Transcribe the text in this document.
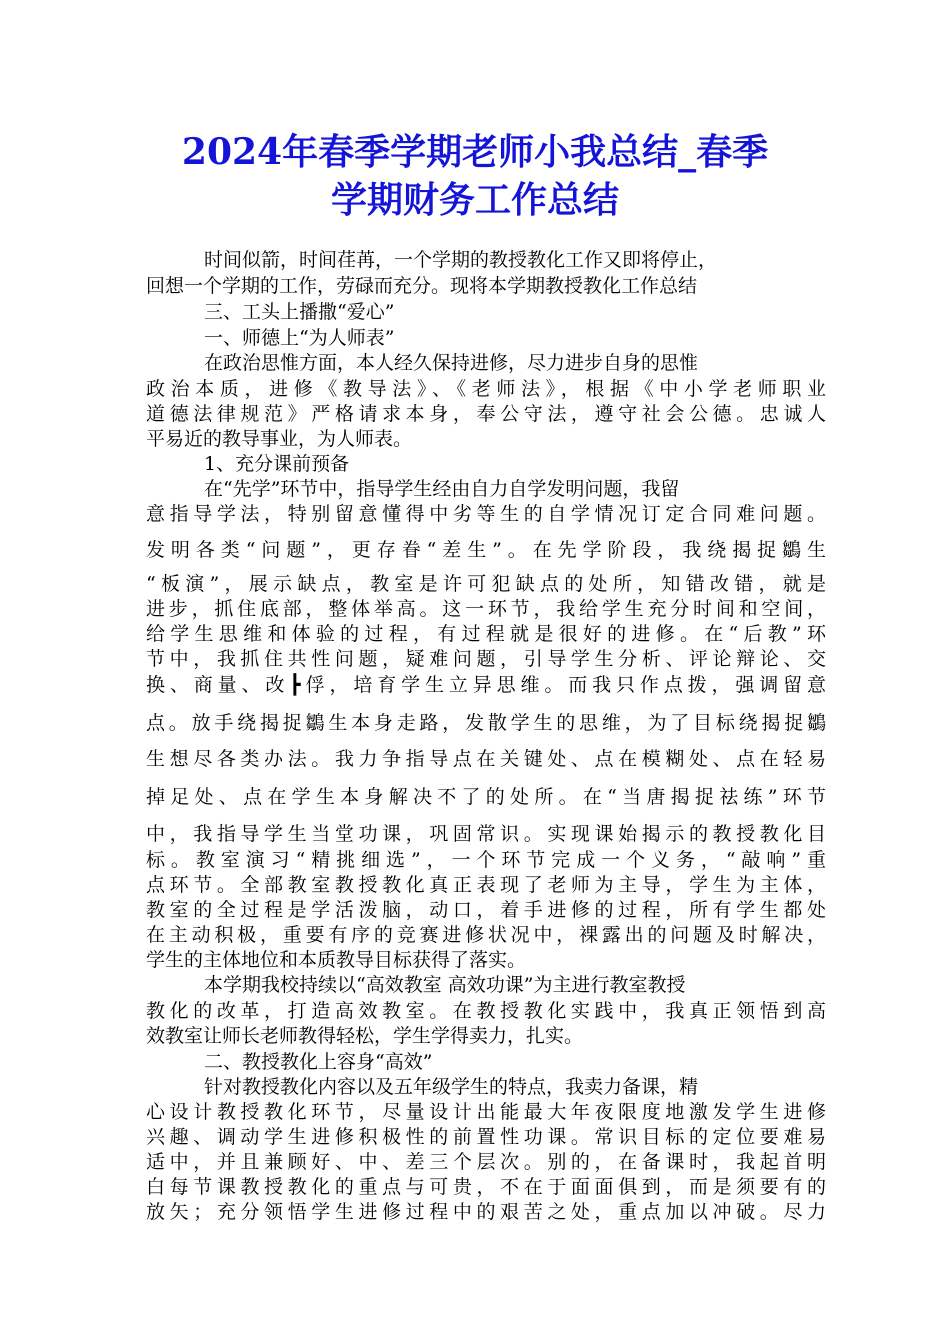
2024年春季学期老师小我总结_春季
学期财务工作总结
时间似箭，时间荏苒，一个学期的教授教化工作又即将停止，
回想一个学期的工作，劳碌而充分。现将本学期教授教化工作总结
三、工头上播撒“爱心”
一、师德上“为人师表”
在政治思惟方面，本人经久保持进修，尽力进步自身的思惟
政治本质，进修《教导法》、《老师法》，根据《中小学老师职业
道德法律规范》严格请求本身，奉公守法，遵守社会公德。忠诚人
平易近的教导事业，为人师表。
1、充分课前预备
在“先学”环节中，指导学生经由自力自学发明问题，我留
意指导学法，特别留意懂得中劣等生的自学情况订定合同难问题。
发明各类“问题”，更存眷“差生”。在先学阶段，我绕揭捉鶵生
“板演”，展示缺点，教室是许可犯缺点的处所，知错改错，就是
进步，抓住底部，整体举高。这一环节，我给学生充分时间和空间，
给学生思维和体验的过程，有过程就是很好的进修。在“后教”环
节中，我抓住共性问题，疑难问题，引导学生分析、评论辩论、交
换、商量、改┣俘，培育学生立异思维。而我只作点拨，强调留意
点。放手绕揭捉鶵生本身走路，发散学生的思维，为了目标绕揭捉鶵
生想尽各类办法。我力争指导点在关键处、点在模糊处、点在轻易
掉足处、点在学生本身解决不了的处所。在“当唐揭捉祛练”环节
中，我指导学生当堂功课，巩固常识。实现课始揭示的教授教化目
标。教室演习“精挑细选”，一个环节完成一个义务，“敲响”重
点环节。全部教室教授教化真正表现了老师为主导，学生为主体，
教室的全过程是学活泼脑，动口，着手进修的过程，所有学生都处
在主动积极，重要有序的竞赛进修状况中，裸露出的问题及时解决，
学生的主体地位和本质教导目标获得了落实。
本学期我校持续以“高效教室 高效功课”为主进行教室教授
教化的改革，打造高效教室。在教授教化实践中，我真正领悟到高
效教室让师长老师教得轻松，学生学得卖力，扎实。
二、教授教化上容身“高效”
针对教授教化内容以及五年级学生的特点，我卖力备课，精
心设计教授教化环节，尽量设计出能最大年夜限度地激发学生进修
兴趣、调动学生进修积极性的前置性功课。常识目标的定位要难易
适中，并且兼顾好、中、差三个层次。别的，在备课时，我起首明
白每节课教授教化的重点与可贵，不在于面面俱到，而是须要有的
放矢；充分领悟学生进修过程中的艰苦之处，重点加以冲破。尽力
